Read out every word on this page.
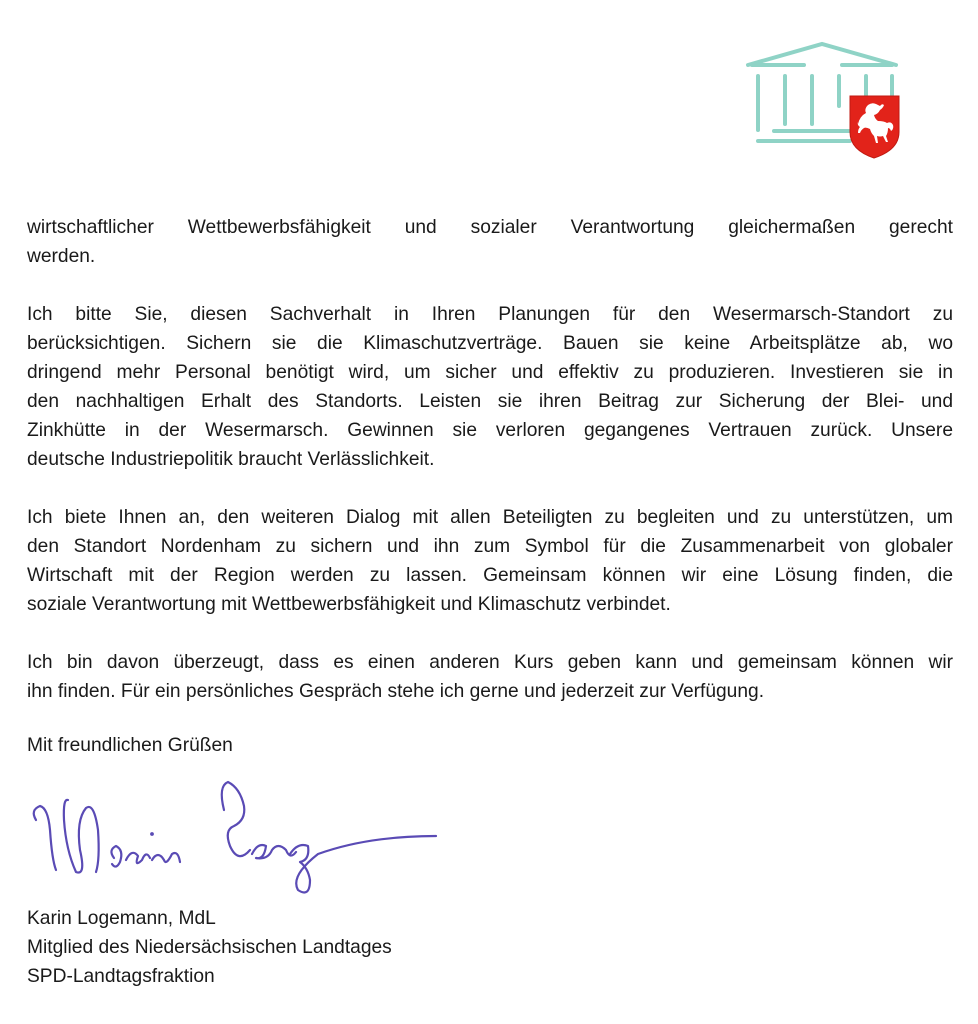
wirtschaftlicher Wettbewerbsfähigkeit und sozialer Verantwortung gleichermaßen gerecht
werden.
Ich bitte Sie, diesen Sachverhalt in Ihren Planungen für den Wesermarsch-Standort zu
berücksichtigen. Sichern sie die Klimaschutzverträge. Bauen sie keine Arbeitsplätze ab, wo
dringend mehr Personal benötigt wird, um sicher und effektiv zu produzieren. Investieren sie in
den nachhaltigen Erhalt des Standorts. Leisten sie ihren Beitrag zur Sicherung der Blei- und
Zinkhütte in der Wesermarsch. Gewinnen sie verloren gegangenes Vertrauen zurück. Unsere
deutsche Industriepolitik braucht Verlässlichkeit.
Ich biete Ihnen an, den weiteren Dialog mit allen Beteiligten zu begleiten und zu unterstützen, um
den Standort Nordenham zu sichern und ihn zum Symbol für die Zusammenarbeit von globaler
Wirtschaft mit der Region werden zu lassen. Gemeinsam können wir eine Lösung finden, die
soziale Verantwortung mit Wettbewerbsfähigkeit und Klimaschutz verbindet.
Ich bin davon überzeugt, dass es einen anderen Kurs geben kann und gemeinsam können wir
ihn finden. Für ein persönliches Gespräch stehe ich gerne und jederzeit zur Verfügung.
Mit freundlichen Grüßen
Karin Logemann, MdL
Mitglied des Niedersächsischen Landtages
SPD-Landtagsfraktion
